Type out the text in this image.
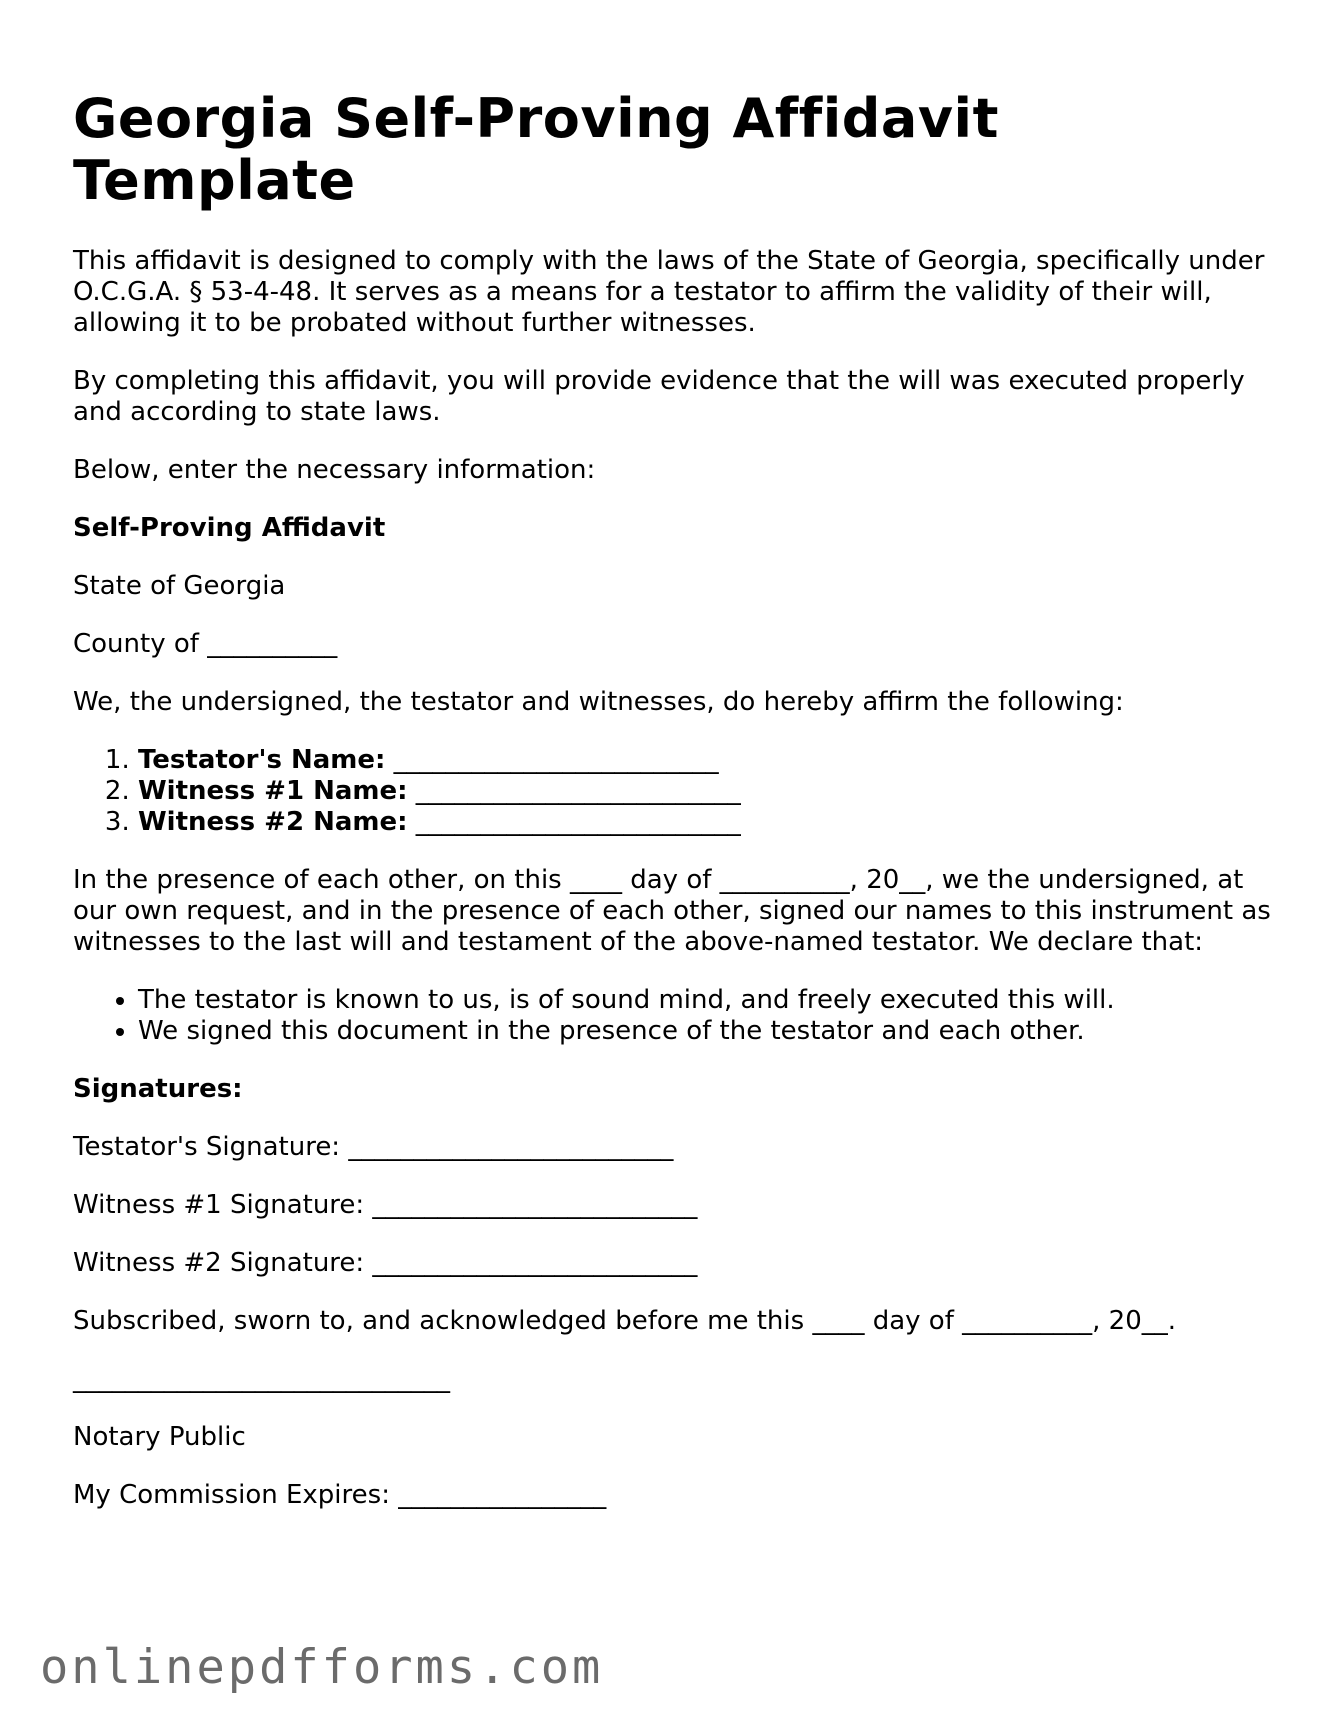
Georgia Self-Proving Affidavit Template

This affidavit is designed to comply with the laws of the State of Georgia, specifically under O.C.G.A. § 53-4-48. It serves as a means for a testator to affirm the validity of their will, allowing it to be probated without further witnesses.

By completing this affidavit, you will provide evidence that the will was executed properly and according to state laws.

Below, enter the necessary information:

Self-Proving Affidavit

State of Georgia

County of __________

We, the undersigned, the testator and witnesses, do hereby affirm the following:

1. Testator's Name: _________________________
2. Witness #1 Name: _________________________
3. Witness #2 Name: _________________________

In the presence of each other, on this ____ day of __________, 20__, we the undersigned, at our own request, and in the presence of each other, signed our names to this instrument as witnesses to the last will and testament of the above-named testator. We declare that:

• The testator is known to us, is of sound mind, and freely executed this will.
• We signed this document in the presence of the testator and each other.

Signatures:

Testator's Signature: _________________________

Witness #1 Signature: _________________________

Witness #2 Signature: _________________________

Subscribed, sworn to, and acknowledged before me this ____ day of __________, 20__.

_____________________________

Notary Public

My Commission Expires: ________________

onlinepdfforms.com
